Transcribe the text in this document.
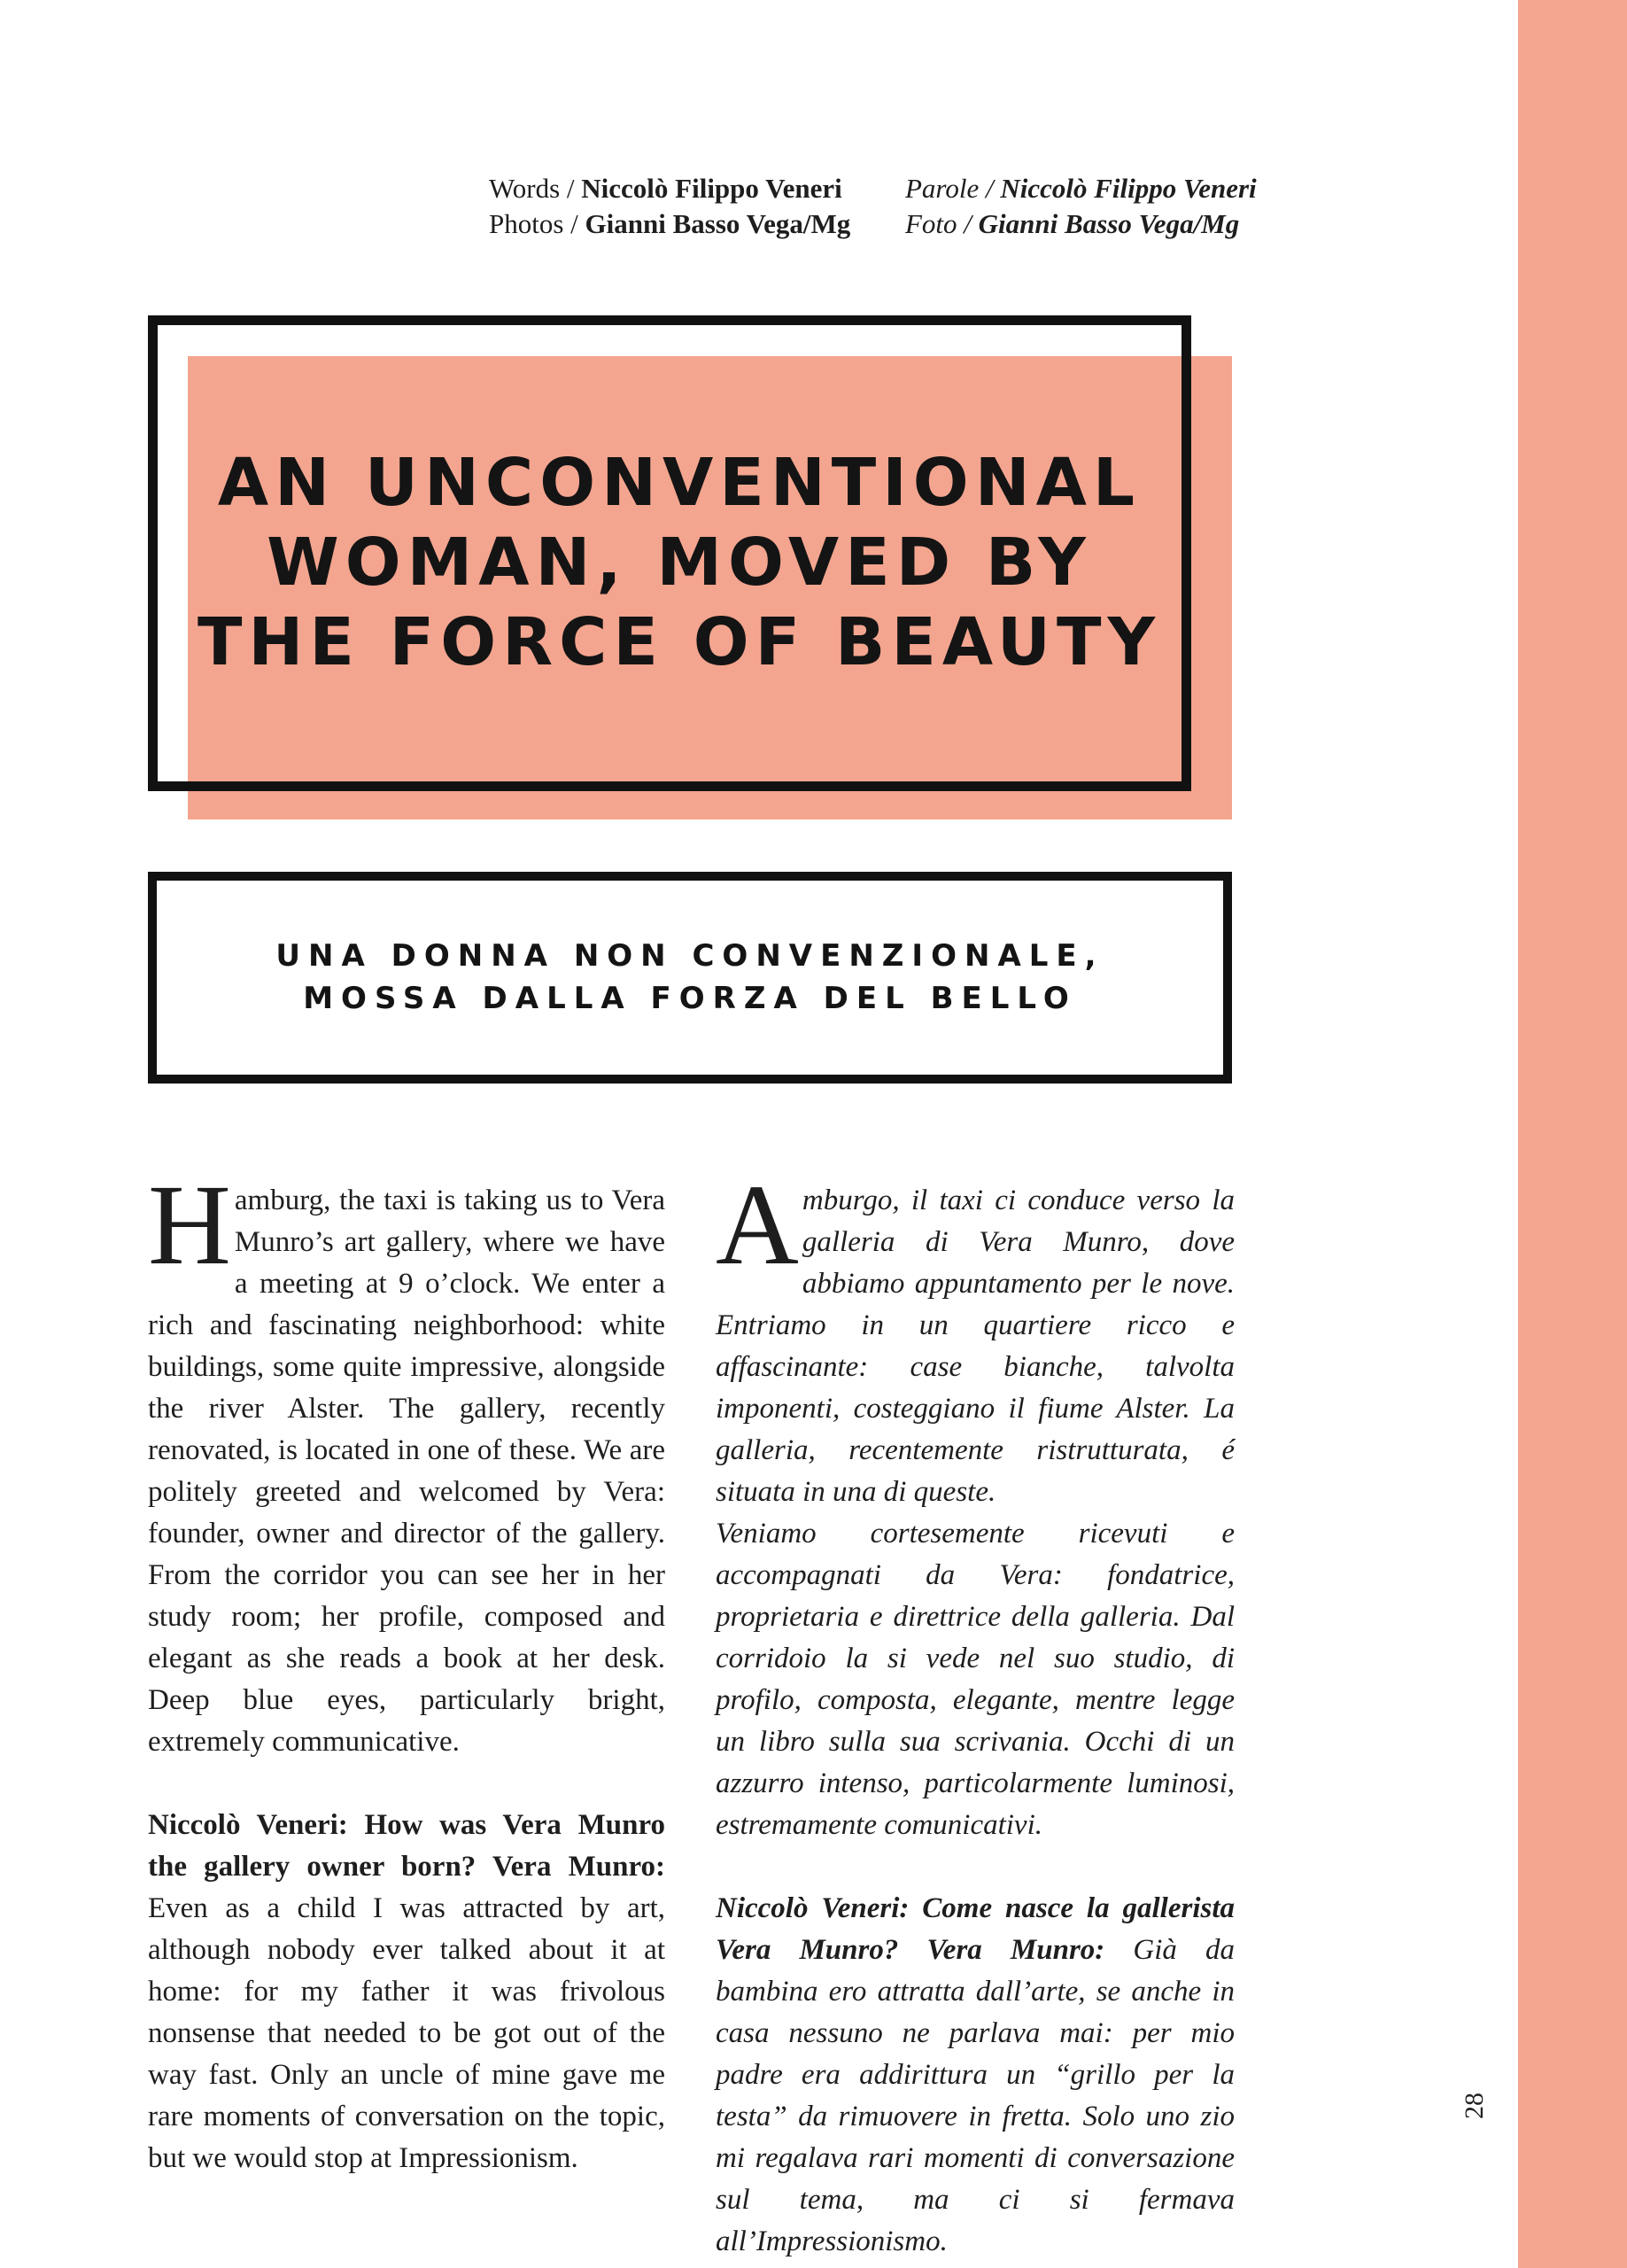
28
Words / Niccolò Filippo Veneri
Photos / Gianni Basso Vega/Mg
Parole / Niccolò Filippo Veneri
Foto / Gianni Basso Vega/Mg
AN UNCONVENTIONAL
WOMAN, MOVED BY
THE FORCE OF BEAUTY
UNA DONNA NON CONVENZIONALE,
MOSSA DALLA FORZA DEL BELLO

Hamburg, the taxi is taking us to Vera Munro’s art gallery, where we have a meeting at 9 o’clock. We enter a rich and fascinating neighborhood: white buildings, some quite impressive, alongside the river Alster. The gallery, recently renovated, is located in one of these. We are politely greeted and welcomed by Vera: founder, owner and director of the gallery. From the corridor you can see her in her study room; her profile, composed and elegant as she reads a book at her desk. Deep blue eyes, particularly bright, extremely communicative.

Niccolò Veneri: How was Vera Munro the gallery owner born? Vera Munro: Even as a child I was attracted by art, although nobody ever talked about it at home: for my father it was frivolous nonsense that needed to be got out of the way fast. Only an uncle of mine gave me rare moments of conversation on the topic, but we would stop at Impressionism.

Amburgo, il taxi ci conduce verso la galleria di Vera Munro, dove abbiamo appuntamento per le nove. Entriamo in un quartiere ricco e affascinante: case bianche, talvolta imponenti, costeggiano il fiume Alster. La galleria, recentemente ristrutturata, é situata in una di queste.

Veniamo cortesemente ricevuti e accompagnati da Vera: fondatrice, proprietaria e direttrice della galleria. Dal corridoio la si vede nel suo studio, di profilo, composta, elegante, mentre legge un libro sulla sua scrivania. Occhi di un azzurro intenso, particolarmente luminosi, estremamente comunicativi.

Niccolò Veneri: Come nasce la gallerista Vera Munro? Vera Munro: Già da bambina ero attratta dall’arte, se anche in casa nessuno ne parlava mai: per mio padre era addirittura un “grillo per la testa” da rimuovere in fretta. Solo uno zio mi regalava rari momenti di conversazione sul tema, ma ci si fermava all’Impressionismo.
